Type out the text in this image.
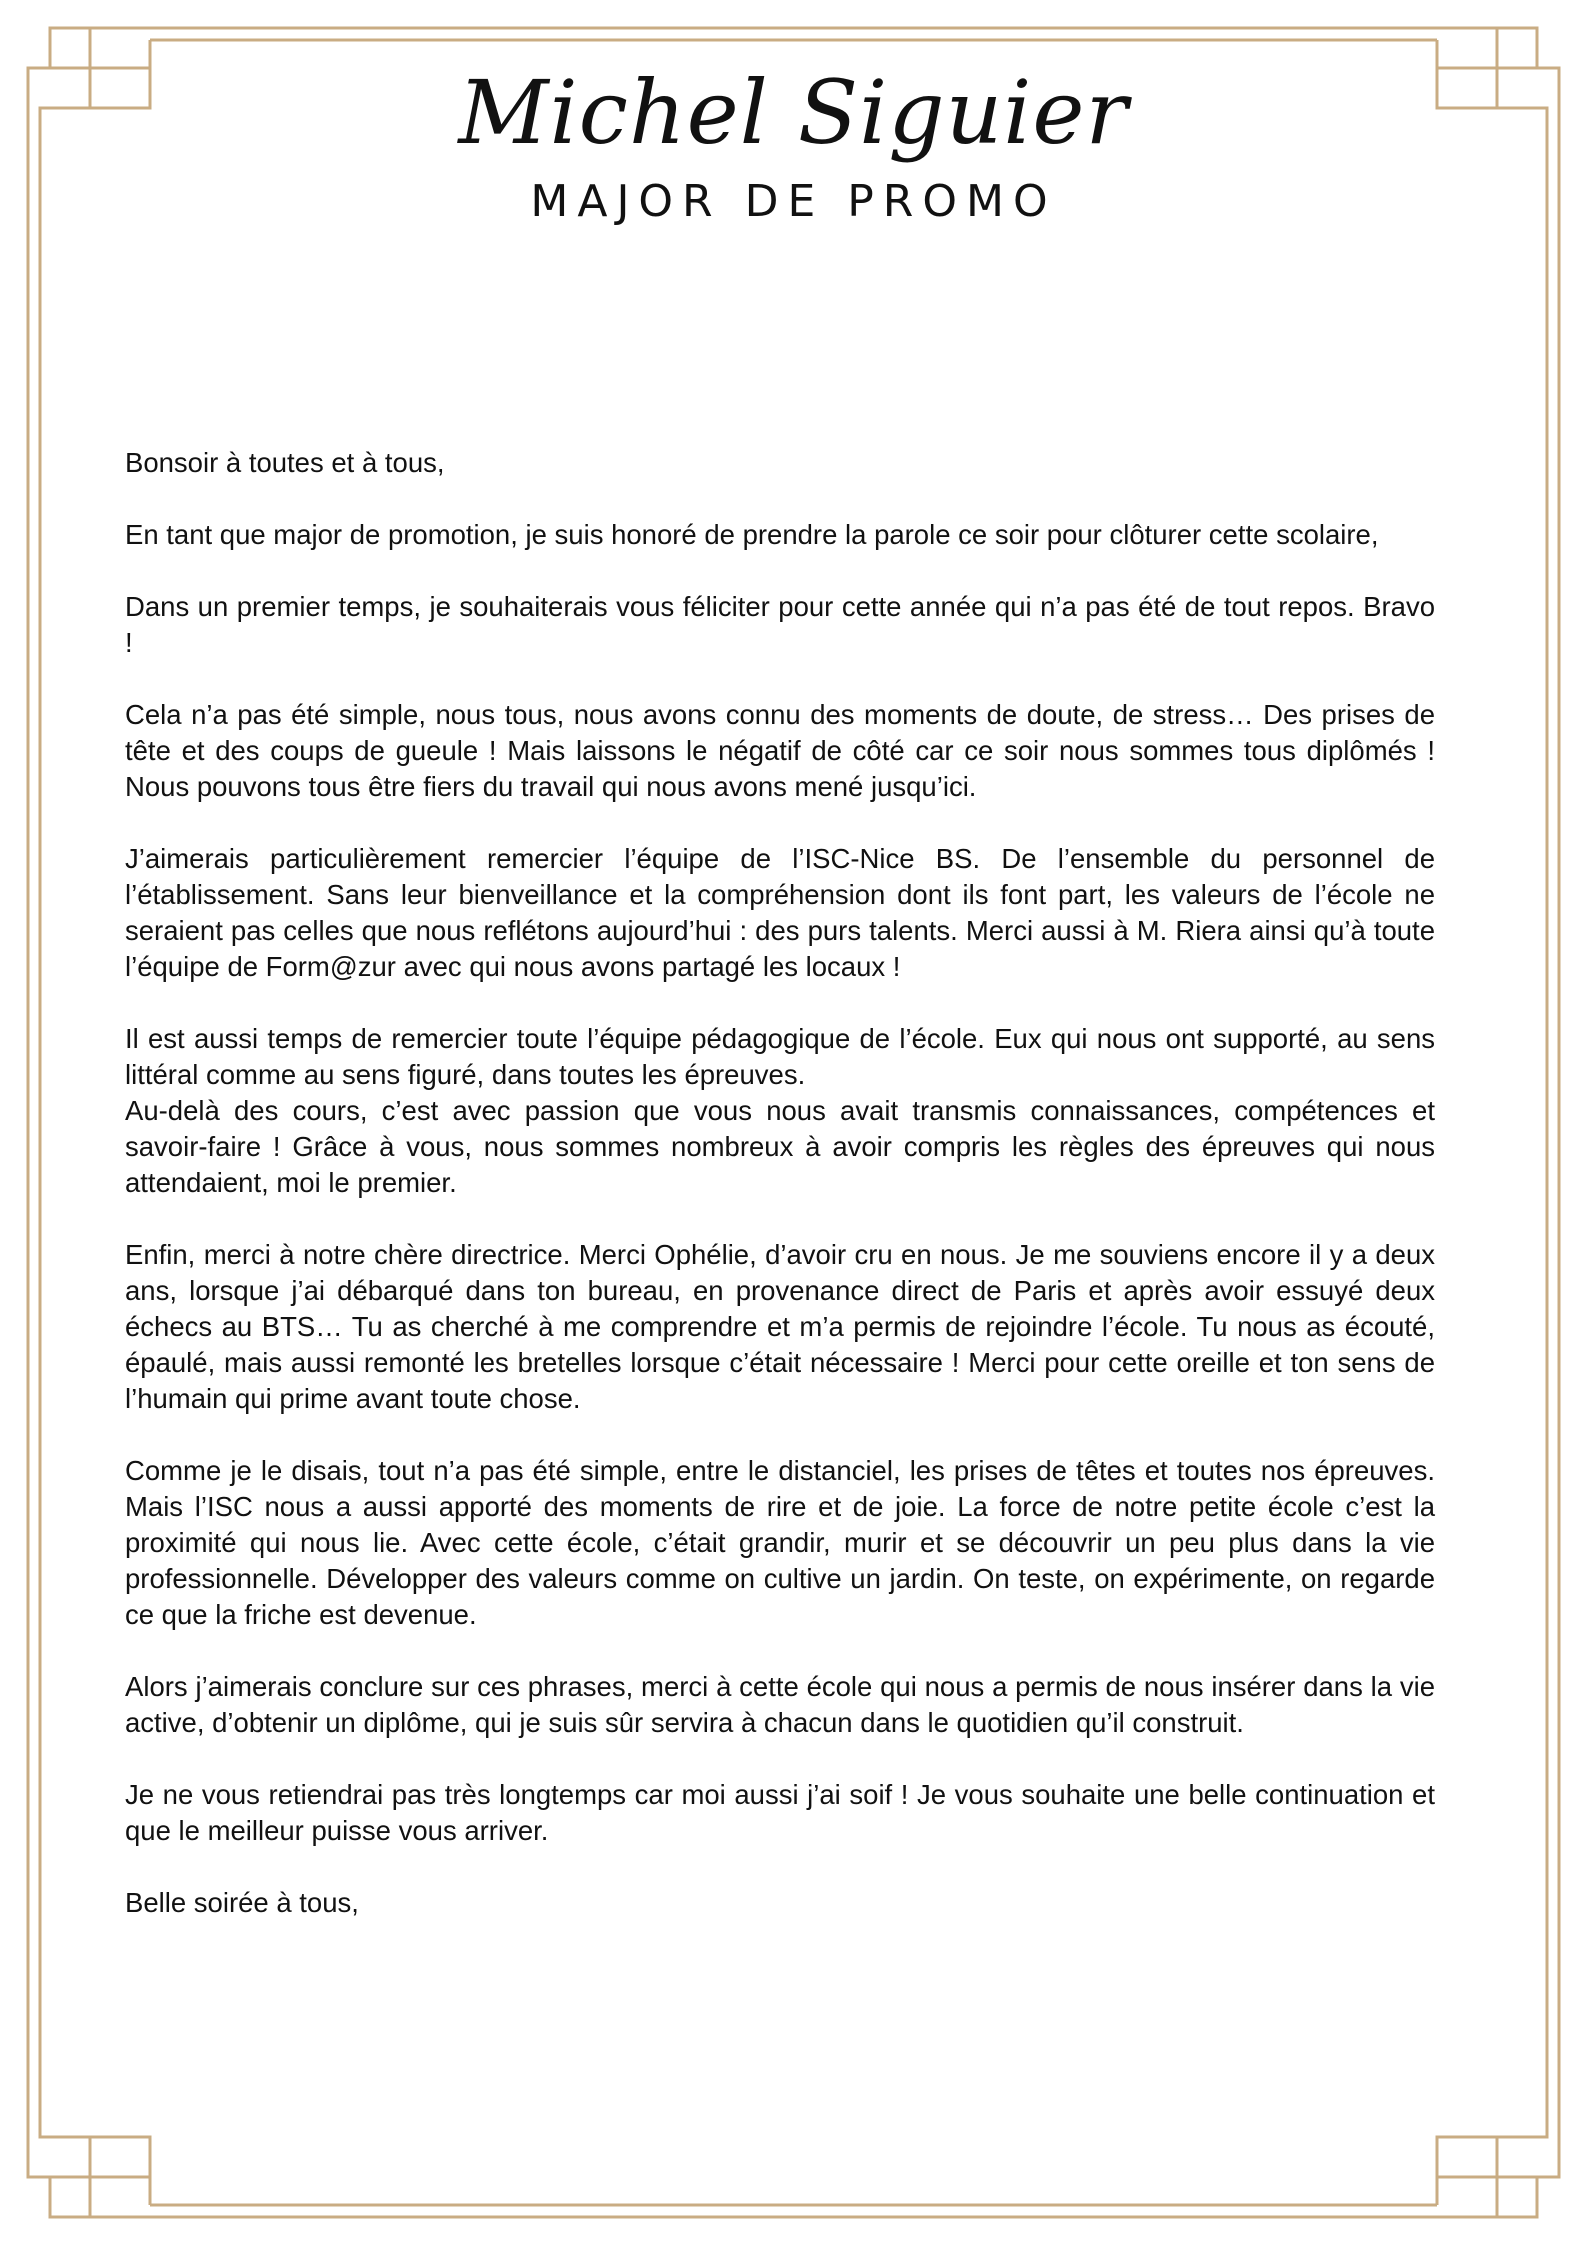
Michel Siguier
MAJOR DE PROMO

Bonsoir à toutes et à tous,

En tant que major de promotion, je suis honoré de prendre la parole ce soir pour clôturer cette scolaire,

Dans un premier temps, je souhaiterais vous féliciter pour cette année qui n’a pas été de tout repos. Bravo !

Cela n’a pas été simple, nous tous, nous avons connu des moments de doute, de stress… Des prises de tête et des coups de gueule ! Mais laissons le négatif de côté car ce soir nous sommes tous diplômés ! Nous pouvons tous être fiers du travail qui nous avons mené jusqu’ici.

J’aimerais particulièrement remercier l’équipe de l’ISC-Nice BS. De l’ensemble du personnel de l’établissement. Sans leur bienveillance et la compréhension dont ils font part, les valeurs de l’école ne seraient pas celles que nous reflétons aujourd’hui : des purs talents. Merci aussi à M. Riera ainsi qu’à toute l’équipe de Form@zur avec qui nous avons partagé les locaux !

Il est aussi temps de remercier toute l’équipe pédagogique de l’école. Eux qui nous ont supporté, au sens littéral comme au sens figuré, dans toutes les épreuves.
Au-delà des cours, c’est avec passion que vous nous avait transmis connaissances, compétences et savoir-faire ! Grâce à vous, nous sommes nombreux à avoir compris les règles des épreuves qui nous attendaient, moi le premier.

Enfin, merci à notre chère directrice. Merci Ophélie, d’avoir cru en nous. Je me souviens encore il y a deux ans, lorsque j’ai débarqué dans ton bureau, en provenance direct de Paris et après avoir essuyé deux échecs au BTS… Tu as cherché à me comprendre et m’a permis de rejoindre l’école. Tu nous as écouté, épaulé, mais aussi remonté les bretelles lorsque c’était nécessaire ! Merci pour cette oreille et ton sens de l’humain qui prime avant toute chose.

Comme je le disais, tout n’a pas été simple, entre le distanciel, les prises de têtes et toutes nos épreuves. Mais l’ISC nous a aussi apporté des moments de rire et de joie. La force de notre petite école c’est la proximité qui nous lie. Avec cette école, c’était grandir, murir et se découvrir un peu plus dans la vie professionnelle. Développer des valeurs comme on cultive un jardin. On teste, on expérimente, on regarde ce que la friche est devenue.

Alors j’aimerais conclure sur ces phrases, merci à cette école qui nous a permis de nous insérer dans la vie active, d’obtenir un diplôme, qui je suis sûr servira à chacun dans le quotidien qu’il construit.

Je ne vous retiendrai pas très longtemps car moi aussi j’ai soif ! Je vous souhaite une belle continuation et que le meilleur puisse vous arriver.

Belle soirée à tous,
